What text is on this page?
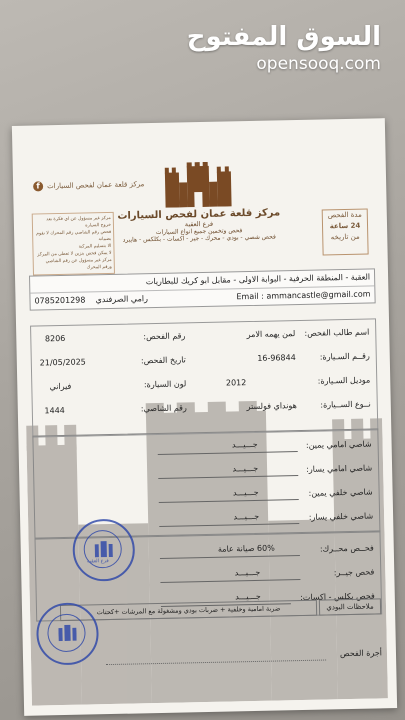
السوق المفتوح
opensooq.com
مركز قلعة عمان لفحص السيارات
فرع العقبة
فحص وتخمين جميع انواع السيارات
فحص شصي - بودي - محرك - جير - اكسات - بكلكس - هايبرد
مركز قلعة عمان لفحص السيارات
f
مركز غير مسؤول عن اي فكرة بعد خروج السيارة
فحص رقم الشاصي رقم المحرك لا نقوم بضمانه
الا بتسليم المركبة
لا يمكن فحص بنزين لا تعطى من المركز
مركز غير مسؤول عن رقم الشاصي ورقم المحرك
مدة الفحص
24 ساعة
من تاريخه
العقبة - المنطقة الحرفية - البوابة الاولى - مقابل ابو كريك للبطاريات
Email : ammancastle@gmail.com
رامي الصرفندي    0785201298
اسم طالب الفحص:
لمن يهمه الامر
رقم الفحص:
8206
رقــم السـيارة:
16-96844
تاريخ الفحص:
21/05/2025
موديل السـيارة:
2012
لون السيارة:
فيراني
نــوع الســيارة:
هونداي فولستر
رقم الشاصي:
1444
شاصي امامي يمين:
جـــيـــد
شاصي امامي يسار:
جـــيـــد
شاصي خلفي يمين:
جـــيـــد
شاصي خلفي يسار:
جـــيـــد
فحــص محــرك:
60% صيانة عامة
فحص جيــر:
جـــيـــد
فحص بكلس - اكسات:
جـــيـــد
ملاحظات البودي
ضربة امامية وخلفية + ضربات بودي ومشغولة مع المرشات +كحتات
أجرة الفحص
فرع العقبة
